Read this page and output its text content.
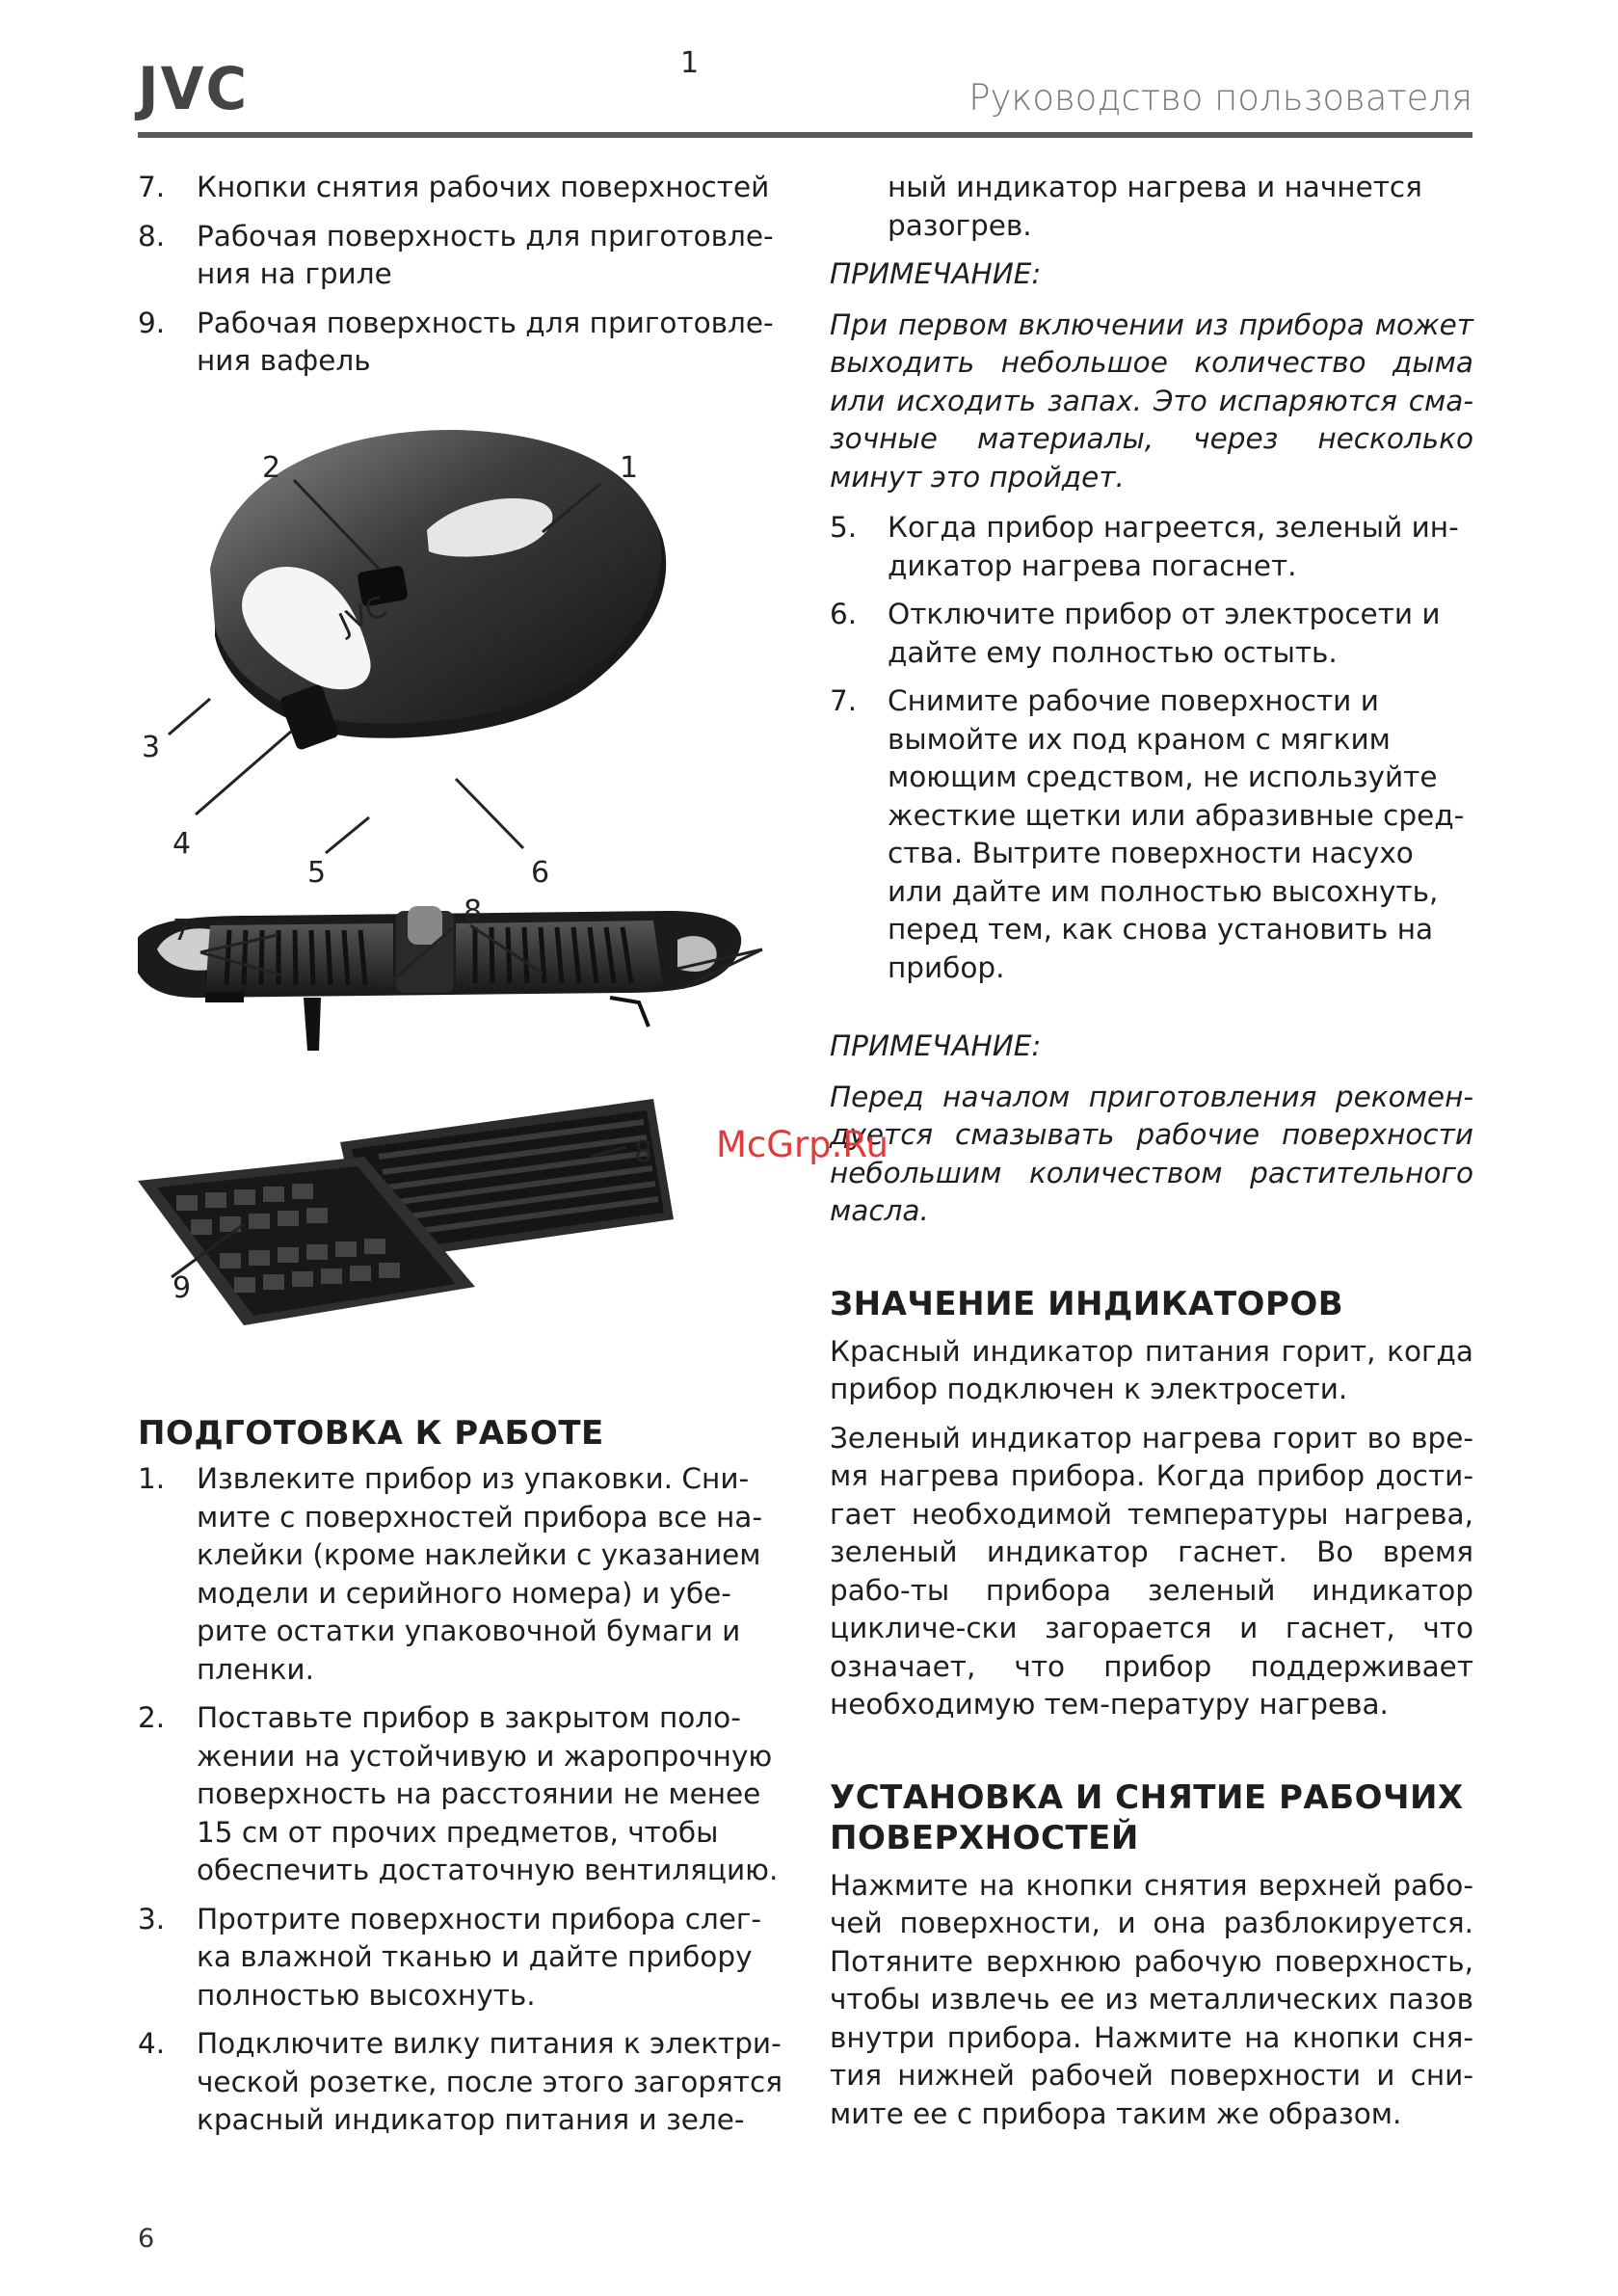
JVC	1
Руководство пользователя
7. Кнопки снятия рабочих поверхностей
8. Рабочая поверхность для приготовле-ния на гриле
9. Рабочая поверхность для приготовле-ния вафель
JVC
2	1
3
4
5	6
7
8
8
9
ПОДГОТОВКА К РАБОТЕ
1. Извлеките прибор из упаковки. Сни-мите с поверхностей прибора все на-клейки (кроме наклейки с указанием модели и серийного номера) и убе-рите остатки упаковочной бумаги и пленки.
2. Поставьте прибор в закрытом поло-жении на устойчивую и жаропрочную поверхность на расстоянии не менее 15 см от прочих предметов, чтобы обеспечить достаточную вентиляцию.
3. Протрите поверхности прибора слег-ка влажной тканью и дайте прибору полностью высохнуть.
4. Подключите вилку питания к электри-ческой розетке, после этого загорятся красный индикатор питания и зеле-
ный индикатор нагрева и начнется разогрев.
ПРИМЕЧАНИЕ:
При первом включении из прибора может выходить небольшое количество дыма или исходить запах. Это испаряются сма-зочные материалы, через несколько минут это пройдет.
5. Когда прибор нагреется, зеленый ин-дикатор нагрева погаснет.
6. Отключите прибор от электросети и дайте ему полностью остыть.
7. Снимите рабочие поверхности и вымойте их под краном с мягким моющим средством, не используйте жесткие щетки или абразивные сред-ства. Вытрите поверхности насухо или дайте им полностью высохнуть, перед тем, как снова установить на прибор.
ПРИМЕЧАНИЕ:
Перед началом приготовления рекомен-дуется смазывать рабочие поверхности небольшим количеством растительного масла.
ЗНАЧЕНИЕ ИНДИКАТОРОВ
Красный индикатор питания горит, когда прибор подключен к электросети.
Зеленый индикатор нагрева горит во вре-мя нагрева прибора. Когда прибор дости-гает необходимой температуры нагрева, зеленый индикатор гаснет. Во время рабо-ты прибора зеленый индикатор цикличе-ски загорается и гаснет, что означает, что прибор поддерживает необходимую тем-пературу нагрева.
УСТАНОВКА И СНЯТИЕ РАБОЧИХ ПОВЕРХНОСТЕЙ
Нажмите на кнопки снятия верхней рабо-чей поверхности, и она разблокируется. Потяните верхнюю рабочую поверхность, чтобы извлечь ее из металлических пазов внутри прибора. Нажмите на кнопки сня-тия нижней рабочей поверхности и сни-мите ее с прибора таким же образом.
McGrp.Ru
6
